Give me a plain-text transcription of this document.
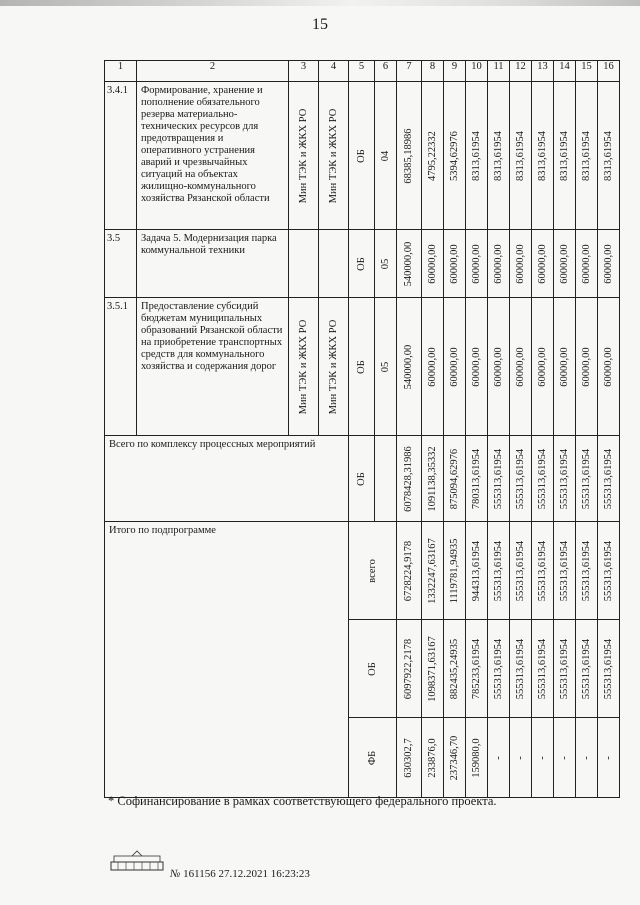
15
1	2	3	4	5	6	7	8	9	10	11	12	13	14	15	16
3.4.1	Формирование, хранение и пополнение обязательного резерва материально-технических ресурсов для предотвращения и оперативного устранения аварий и чрезвычайных ситуаций на объектах жилищно-коммунального хозяйства Рязанской области	Мин ТЭК и ЖКХ РО	Мин ТЭК и ЖКХ РО	ОБ	04	68385,18986	4795,22332	5394,62976	8313,61954	8313,61954	8313,61954	8313,61954	8313,61954	8313,61954	8313,61954

3.5	Задача 5. Модернизация парка коммунальной техники			ОБ	05	540000,00	60000,00	60000,00	60000,00	60000,00	60000,00	60000,00	60000,00	60000,00	60000,00

3.5.1	Предоставление субсидий бюджетам муниципальных образований Рязанской области на приобретение транспортных средств для коммунального хозяйства и содержания дорог	Мин ТЭК и ЖКХ РО	Мин ТЭК и ЖКХ РО	ОБ	05	540000,00	60000,00	60000,00	60000,00	60000,00	60000,00	60000,00	60000,00	60000,00	60000,00

Всего по комплексу процессных мероприятий				ОБ		6078428,31986	1091138,35332	875094,62976	780313,61954	555313,61954	555313,61954	555313,61954	555313,61954	555313,61954	555313,61954

Итого по подпрограмме				всего		6728224,9178	1332247,63167	1119781,94935	944313,61954	555313,61954	555313,61954	555313,61954	555313,61954	555313,61954	555313,61954

				ОБ		6097922,2178	1098371,63167	882435,24935	785233,61954	555313,61954	555313,61954	555313,61954	555313,61954	555313,61954	555313,61954

				ФБ		630302,7	233876,0	237346,70	159080,0	-	-	-	-	-	-
* Софинансирование в рамках соответствующего федерального проекта.
№ 161156 27.12.2021 16:23:23
